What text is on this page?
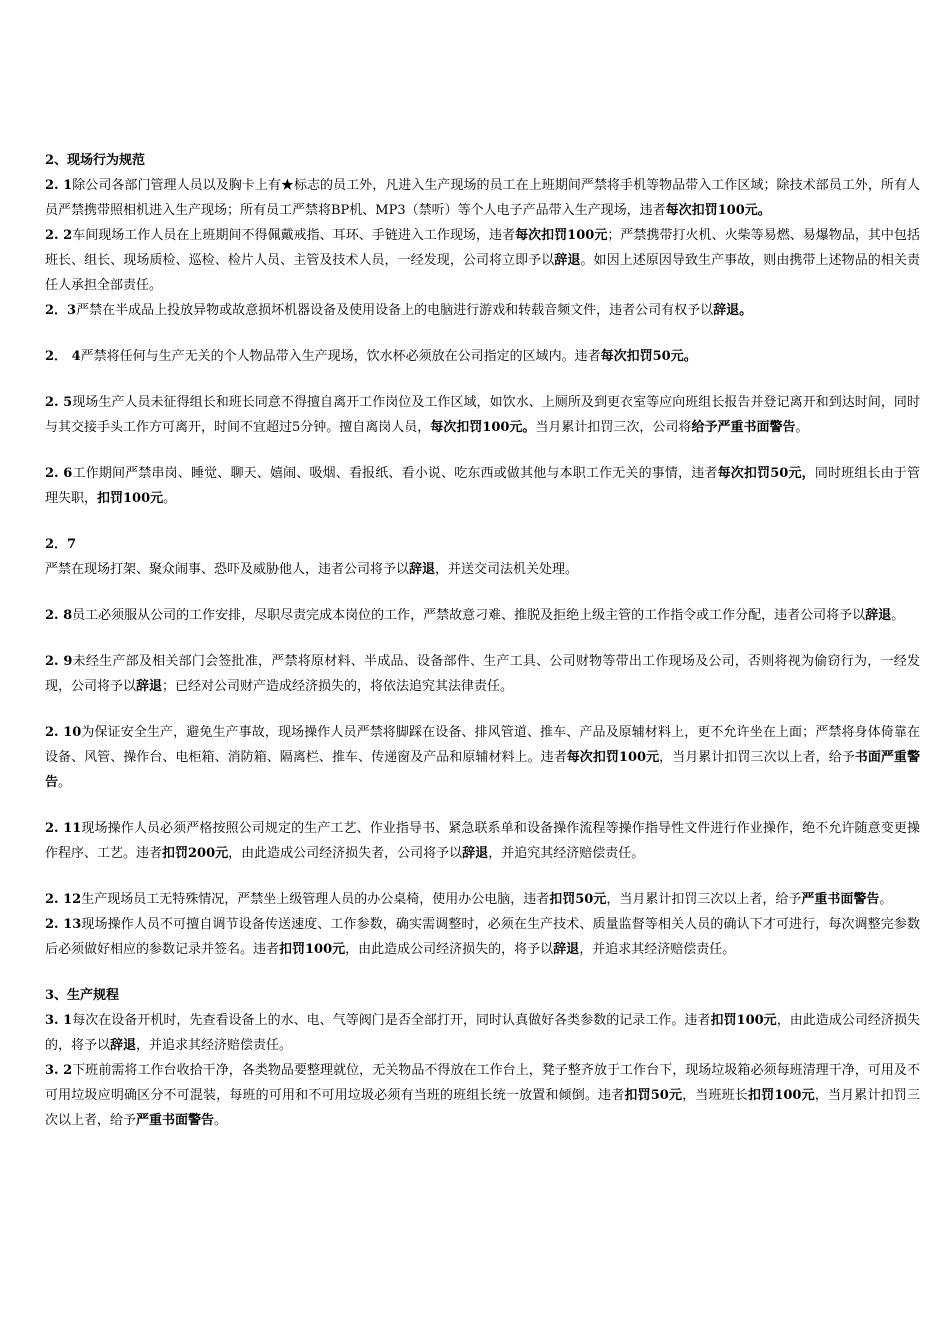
2、现场行为规范
2. 1除公司各部门管理人员以及胸卡上有★标志的员工外，凡进入生产现场的员工在上班期间严禁将手机等物品带入工作区域；除技术部员工外，所有人员严禁携带照相机进入生产现场；所有员工严禁将BP机、MP3（禁听）等个人电子产品带入生产现场，违者每次扣罚100元。
2. 2车间现场工作人员在上班期间不得佩戴戒指、耳环、手链进入工作现场，违者每次扣罚100元；严禁携带打火机、火柴等易燃、易爆物品，其中包括班长、组长、现场质检、巡检、检片人员、主管及技术人员，一经发现，公司将立即予以辞退。如因上述原因导致生产事故，则由携带上述物品的相关责任人承担全部责任。
2．3严禁在半成品上投放异物或故意损坏机器设备及使用设备上的电脑进行游戏和转载音频文件，违者公司有权予以辞退。
2． 4严禁将任何与生产无关的个人物品带入生产现场，饮水杯必须放在公司指定的区域内。违者每次扣罚50元。
2. 5现场生产人员未征得组长和班长同意不得擅自离开工作岗位及工作区域，如饮水、上厕所及到更衣室等应向班组长报告并登记离开和到达时间，同时与其交接手头工作方可离开，时间不宜超过5分钟。擅自离岗人员，每次扣罚100元。当月累计扣罚三次，公司将给予严重书面警告。
2. 6工作期间严禁串岗、睡觉、聊天、嬉闹、吸烟、看报纸、看小说、吃东西或做其他与本职工作无关的事情，违者每次扣罚50元，同时班组长由于管理失职，扣罚100元。
2．7
严禁在现场打架、聚众闹事、恐吓及威胁他人，违者公司将予以辞退，并送交司法机关处理。
2. 8员工必须服从公司的工作安排，尽职尽责完成本岗位的工作，严禁故意刁难、推脱及拒绝上级主管的工作指令或工作分配，违者公司将予以辞退。
2. 9未经生产部及相关部门会签批准，严禁将原材料、半成品、设备部件、生产工具、公司财物等带出工作现场及公司，否则将视为偷窃行为，一经发现，公司将予以辞退；已经对公司财产造成经济损失的，将依法追究其法律责任。
2. 10为保证安全生产，避免生产事故，现场操作人员严禁将脚踩在设备、排风管道、推车、产品及原辅材料上，更不允许坐在上面；严禁将身体倚靠在设备、风管、操作台、电柜箱、消防箱、隔离栏、推车、传递窗及产品和原辅材料上。违者每次扣罚100元，当月累计扣罚三次以上者，给予书面严重警告。
2. 11现场操作人员必须严格按照公司规定的生产工艺、作业指导书、紧急联系单和设备操作流程等操作指导性文件进行作业操作，绝不允许随意变更操作程序、工艺。违者扣罚200元，由此造成公司经济损失者，公司将予以辞退，并追究其经济赔偿责任。
2. 12生产现场员工无特殊情况，严禁坐上级管理人员的办公桌椅，使用办公电脑，违者扣罚50元，当月累计扣罚三次以上者，给予严重书面警告。
2. 13现场操作人员不可擅自调节设备传送速度、工作参数，确实需调整时，必须在生产技术、质量监督等相关人员的确认下才可进行，每次调整完参数后必须做好相应的参数记录并签名。违者扣罚100元，由此造成公司经济损失的，将予以辞退，并追求其经济赔偿责任。
3、生产规程
3. 1每次在设备开机时，先查看设备上的水、电、气等阀门是否全部打开，同时认真做好各类参数的记录工作。违者扣罚100元，由此造成公司经济损失的，将予以辞退，并追求其经济赔偿责任。
3. 2下班前需将工作台收拾干净，各类物品要整理就位，无关物品不得放在工作台上，凳子整齐放于工作台下，现场垃圾箱必须每班清理干净，可用及不可用垃圾应明确区分不可混装，每班的可用和不可用垃圾必须有当班的班组长统一放置和倾倒。违者扣罚50元，当班班长扣罚100元，当月累计扣罚三次以上者，给予严重书面警告。
